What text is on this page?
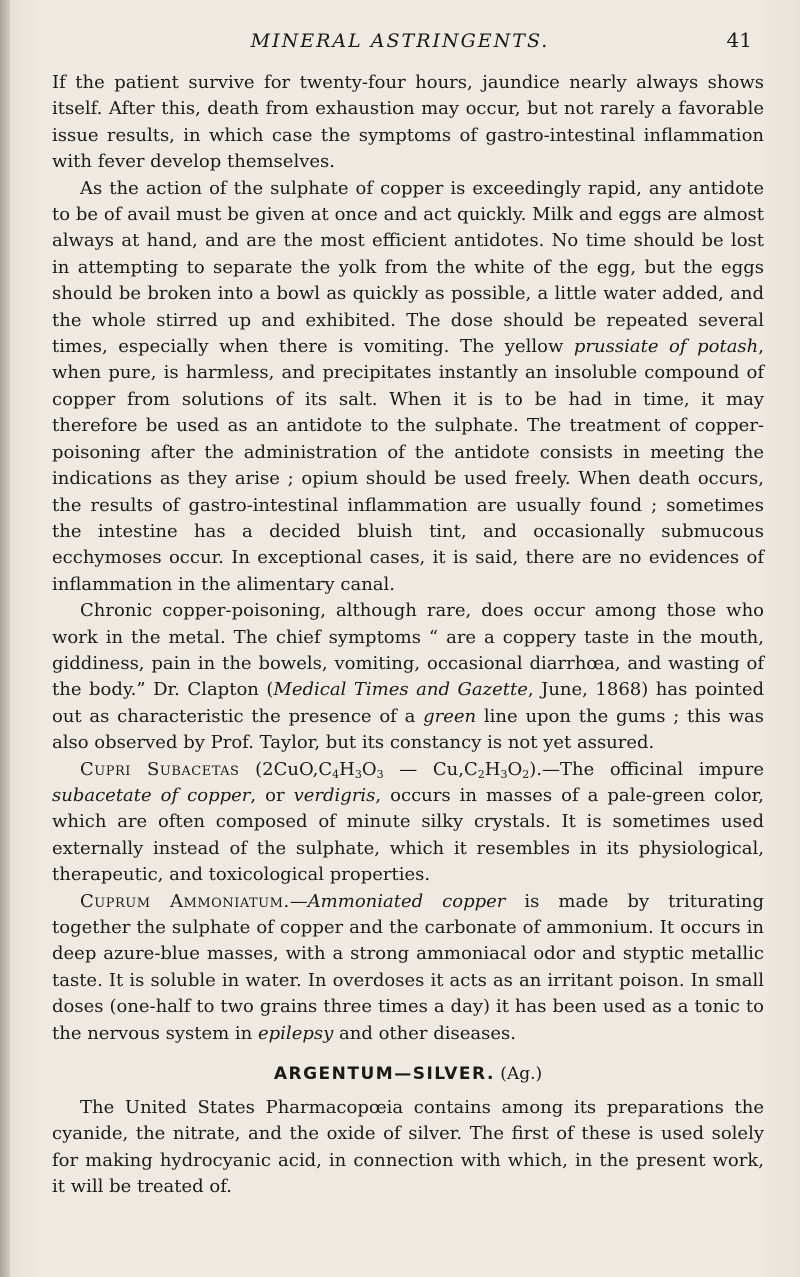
MINERAL ASTRINGENTS.	41

If the patient survive for twenty-four hours, jaundice nearly always shows itself. After this, death from exhaustion may occur, but not rarely a favorable issue results, in which case the symptoms of gastro-intestinal inflammation with fever develop themselves.

As the action of the sulphate of copper is exceedingly rapid, any antidote to be of avail must be given at once and act quickly. Milk and eggs are almost always at hand, and are the most efficient antidotes. No time should be lost in attempting to separate the yolk from the white of the egg, but the eggs should be broken into a bowl as quickly as possible, a little water added, and the whole stirred up and exhibited. The dose should be repeated several times, especially when there is vomiting. The yellow prussiate of potash, when pure, is harmless, and precipitates instantly an insoluble compound of copper from solutions of its salt. When it is to be had in time, it may therefore be used as an antidote to the sulphate. The treatment of copper-poisoning after the administration of the antidote consists in meeting the indications as they arise ; opium should be used freely. When death occurs, the results of gastro-intestinal inflammation are usually found ; sometimes the intestine has a decided bluish tint, and occasionally submucous ecchymoses occur. In exceptional cases, it is said, there are no evidences of inflammation in the alimentary canal.

Chronic copper-poisoning, although rare, does occur among those who work in the metal. The chief symptoms “ are a coppery taste in the mouth, giddiness, pain in the bowels, vomiting, occasional diarrhœa, and wasting of the body.” Dr. Clapton (Medical Times and Gazette, June, 1868) has pointed out as characteristic the presence of a green line upon the gums ; this was also observed by Prof. Taylor, but its constancy is not yet assured.

Cupri Subacetas ($2CuO,C_4H_3O_3$ — $Cu,C_2H_3O_2).—The$ officinal impure subacetate of copper, or verdigris, occurs in masses of a pale-green color, which are often composed of minute silky crystals. It is sometimes used externally instead of the sulphate, which it resembles in its physiological, therapeutic, and toxicological properties.

Cuprum Ammoniatum.—Ammoniated copper is made by triturating together the sulphate of copper and the carbonate of ammonium. It occurs in deep azure-blue masses, with a strong ammoniacal odor and styptic metallic taste. It is soluble in water. In overdoses it acts as an irritant poison. In small doses (one-half to two grains three times a day) it has been used as a tonic to the nervous system in epilepsy and other diseases.

ARGENTUM—SILVER. (Ag.)

The United States Pharmacopœia contains among its preparations the cyanide, the nitrate, and the oxide of silver. The first of these is used solely for making hydrocyanic acid, in connection with which, in the present work, it will be treated of.
